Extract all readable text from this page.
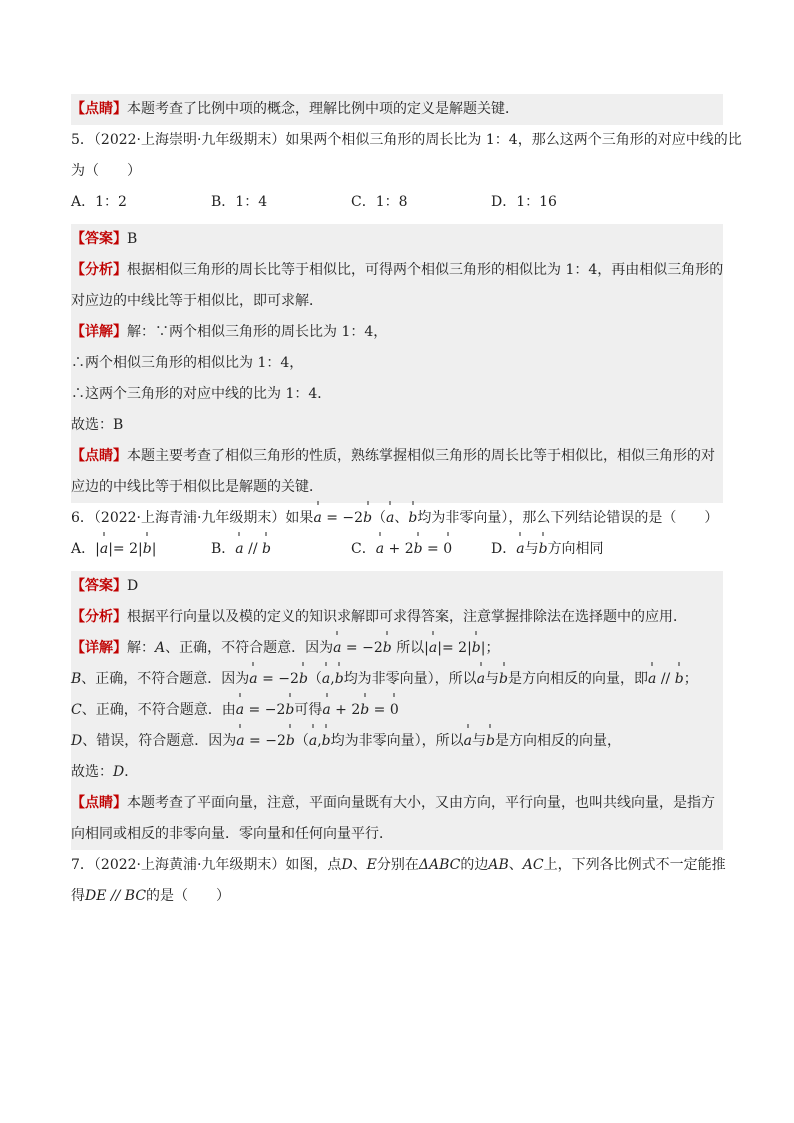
【点睛】本题考查了比例中项的概念，理解比例中项的定义是解题关键．
5．（2022·上海崇明·九年级期末）如果两个相似三角形的周长比为 1：4，那么这两个三角形的对应中线的比
为（　　）
A．1：2	B．1：4	C．1：8	D．1：16
【答案】B
【分析】根据相似三角形的周长比等于相似比，可得两个相似三角形的相似比为 1：4，再由相似三角形的
对应边的中线比等于相似比，即可求解．
【详解】解：∵两个相似三角形的周长比为 1：4，
∴两个相似三角形的相似比为 1：4，
∴这两个三角形的对应中线的比为 1：4．
故选：B
【点睛】本题主要考查了相似三角形的性质，熟练掌握相似三角形的周长比等于相似比，相似三角形的对
应边的中线比等于相似比是解题的关键．
6．（2022·上海青浦·九年级期末）如果a = −2b（a、b均为非零向量），那么下列结论错误的是（　　）
A．|a|= 2|b|	B．a // b	C．a + 2b = 0	D．a与b方向相同
【答案】D
【分析】根据平行向量以及模的定义的知识求解即可求得答案，注意掌握排除法在选择题中的应用．
【详解】解：A、正确，不符合题意．因为a = −2b 所以|a|= 2|b|；
B、正确，不符合题意．因为a = −2b（a,b均为非零向量），所以a与b是方向相反的向量，即a // b；
C、正确，不符合题意．由a = −2b可得a + 2b = 0
D、错误，符合题意．因为a = −2b（a,b均为非零向量），所以a与b是方向相反的向量，
故选：D．
【点睛】本题考查了平面向量，注意，平面向量既有大小，又由方向，平行向量，也叫共线向量，是指方
向相同或相反的非零向量．零向量和任何向量平行．
7．（2022·上海黄浦·九年级期末）如图，点D、E分别在ΔABC的边AB、AC上，下列各比例式不一定能推
得DE // BC的是（　　）
